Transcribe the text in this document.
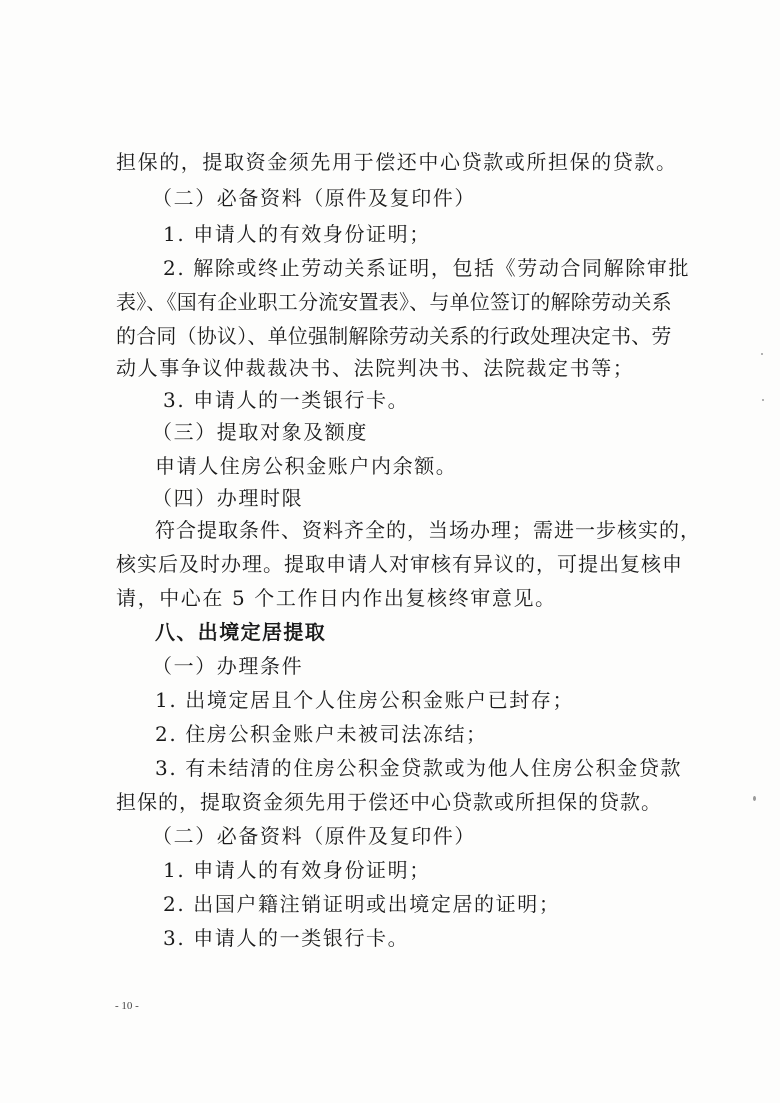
担保的，提取资金须先用于偿还中心贷款或所担保的贷款。
（二）必备资料（原件及复印件）
1. 申请人的有效身份证明；
2. 解除或终止劳动关系证明，包括《劳动合同解除审批
表》、《国有企业职工分流安置表》、与单位签订的解除劳动关系
的合同（协议）、单位强制解除劳动关系的行政处理决定书、劳
动人事争议仲裁裁决书、法院判决书、法院裁定书等；
3. 申请人的一类银行卡。
（三）提取对象及额度
申请人住房公积金账户内余额。
（四）办理时限
符合提取条件、资料齐全的，当场办理；需进一步核实的，
核实后及时办理。提取申请人对审核有异议的，可提出复核申
请，中心在 5 个工作日内作出复核终审意见。
八、出境定居提取
（一）办理条件
1. 出境定居且个人住房公积金账户已封存；
2. 住房公积金账户未被司法冻结；
3. 有未结清的住房公积金贷款或为他人住房公积金贷款
担保的，提取资金须先用于偿还中心贷款或所担保的贷款。
（二）必备资料（原件及复印件）
1. 申请人的有效身份证明；
2. 出国户籍注销证明或出境定居的证明；
3. 申请人的一类银行卡。
- 10 -
